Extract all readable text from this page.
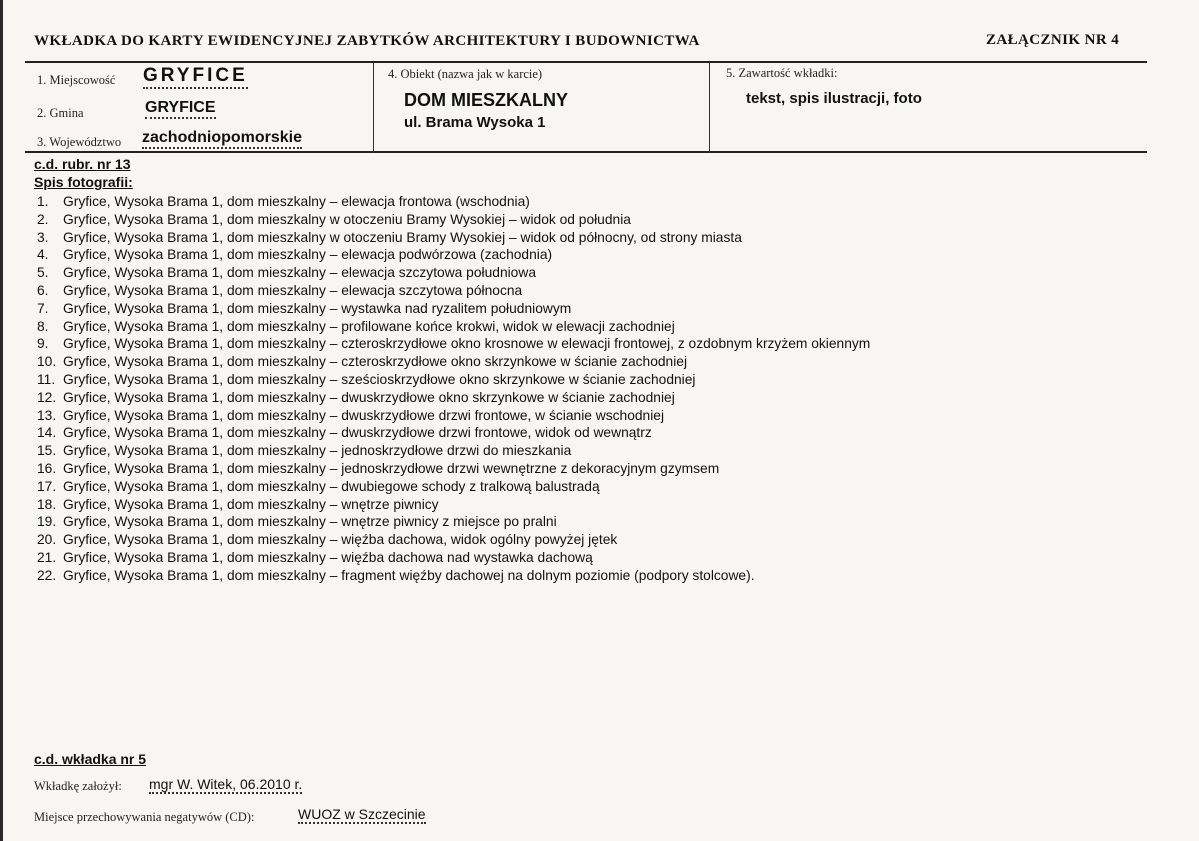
WKŁADKA DO KARTY EWIDENCYJNEJ ZABYTKÓW ARCHITEKTURY I BUDOWNICTWA	ZAŁĄCZNIK NR 4
1. Miejscowość GRYFICE
2. Gmina	GRYFICE
3. Województwo zachodniopomorskie
4. Obiekt (nazwa jak w karcie)
DOM MIESZKALNY
ul. Brama Wysoka 1
5. Zawartość wkładki:
tekst, spis ilustracji, foto
c.d. rubr. nr 13
Spis fotografii:
1. Gryfice, Wysoka Brama 1, dom mieszkalny – elewacja frontowa (wschodnia)
2. Gryfice, Wysoka Brama 1, dom mieszkalny w otoczeniu Bramy Wysokiej – widok od południa
3. Gryfice, Wysoka Brama 1, dom mieszkalny w otoczeniu Bramy Wysokiej – widok od północny, od strony miasta
4. Gryfice, Wysoka Brama 1, dom mieszkalny – elewacja podwórzowa (zachodnia)
5. Gryfice, Wysoka Brama 1, dom mieszkalny – elewacja szczytowa południowa
6. Gryfice, Wysoka Brama 1, dom mieszkalny – elewacja szczytowa północna
7. Gryfice, Wysoka Brama 1, dom mieszkalny – wystawka nad ryzalitem południowym
8. Gryfice, Wysoka Brama 1, dom mieszkalny – profilowane końce krokwi, widok w elewacji zachodniej
9. Gryfice, Wysoka Brama 1, dom mieszkalny – czteroskrzydłowe okno krosnowe w elewacji frontowej, z ozdobnym krzyżem okiennym
10. Gryfice, Wysoka Brama 1, dom mieszkalny – czteroskrzydłowe okno skrzynkowe w ścianie zachodniej
11. Gryfice, Wysoka Brama 1, dom mieszkalny – sześcioskrzydłowe okno skrzynkowe w ścianie zachodniej
12. Gryfice, Wysoka Brama 1, dom mieszkalny – dwuskrzydłowe okno skrzynkowe w ścianie zachodniej
13. Gryfice, Wysoka Brama 1, dom mieszkalny – dwuskrzydłowe drzwi frontowe, w ścianie wschodniej
14. Gryfice, Wysoka Brama 1, dom mieszkalny – dwuskrzydłowe drzwi frontowe, widok od wewnątrz
15. Gryfice, Wysoka Brama 1, dom mieszkalny – jednoskrzydłowe drzwi do mieszkania
16. Gryfice, Wysoka Brama 1, dom mieszkalny – jednoskrzydłowe drzwi wewnętrzne z dekoracyjnym gzymsem
17. Gryfice, Wysoka Brama 1, dom mieszkalny – dwubiegowe schody z tralkową balustradą
18. Gryfice, Wysoka Brama 1, dom mieszkalny – wnętrze piwnicy
19. Gryfice, Wysoka Brama 1, dom mieszkalny – wnętrze piwnicy z miejsce po pralni
20. Gryfice, Wysoka Brama 1, dom mieszkalny – więźba dachowa, widok ogólny powyżej jętek
21. Gryfice, Wysoka Brama 1, dom mieszkalny – więźba dachowa nad wystawka dachową
22. Gryfice, Wysoka Brama 1, dom mieszkalny – fragment więźby dachowej na dolnym poziomie (podpory stolcowe).
c.d. wkładka nr 5
Wkładkę założył: mgr W. Witek, 06.2010 r.
Miejsce przechowywania negatywów (CD):	WUOZ w Szczecinie
